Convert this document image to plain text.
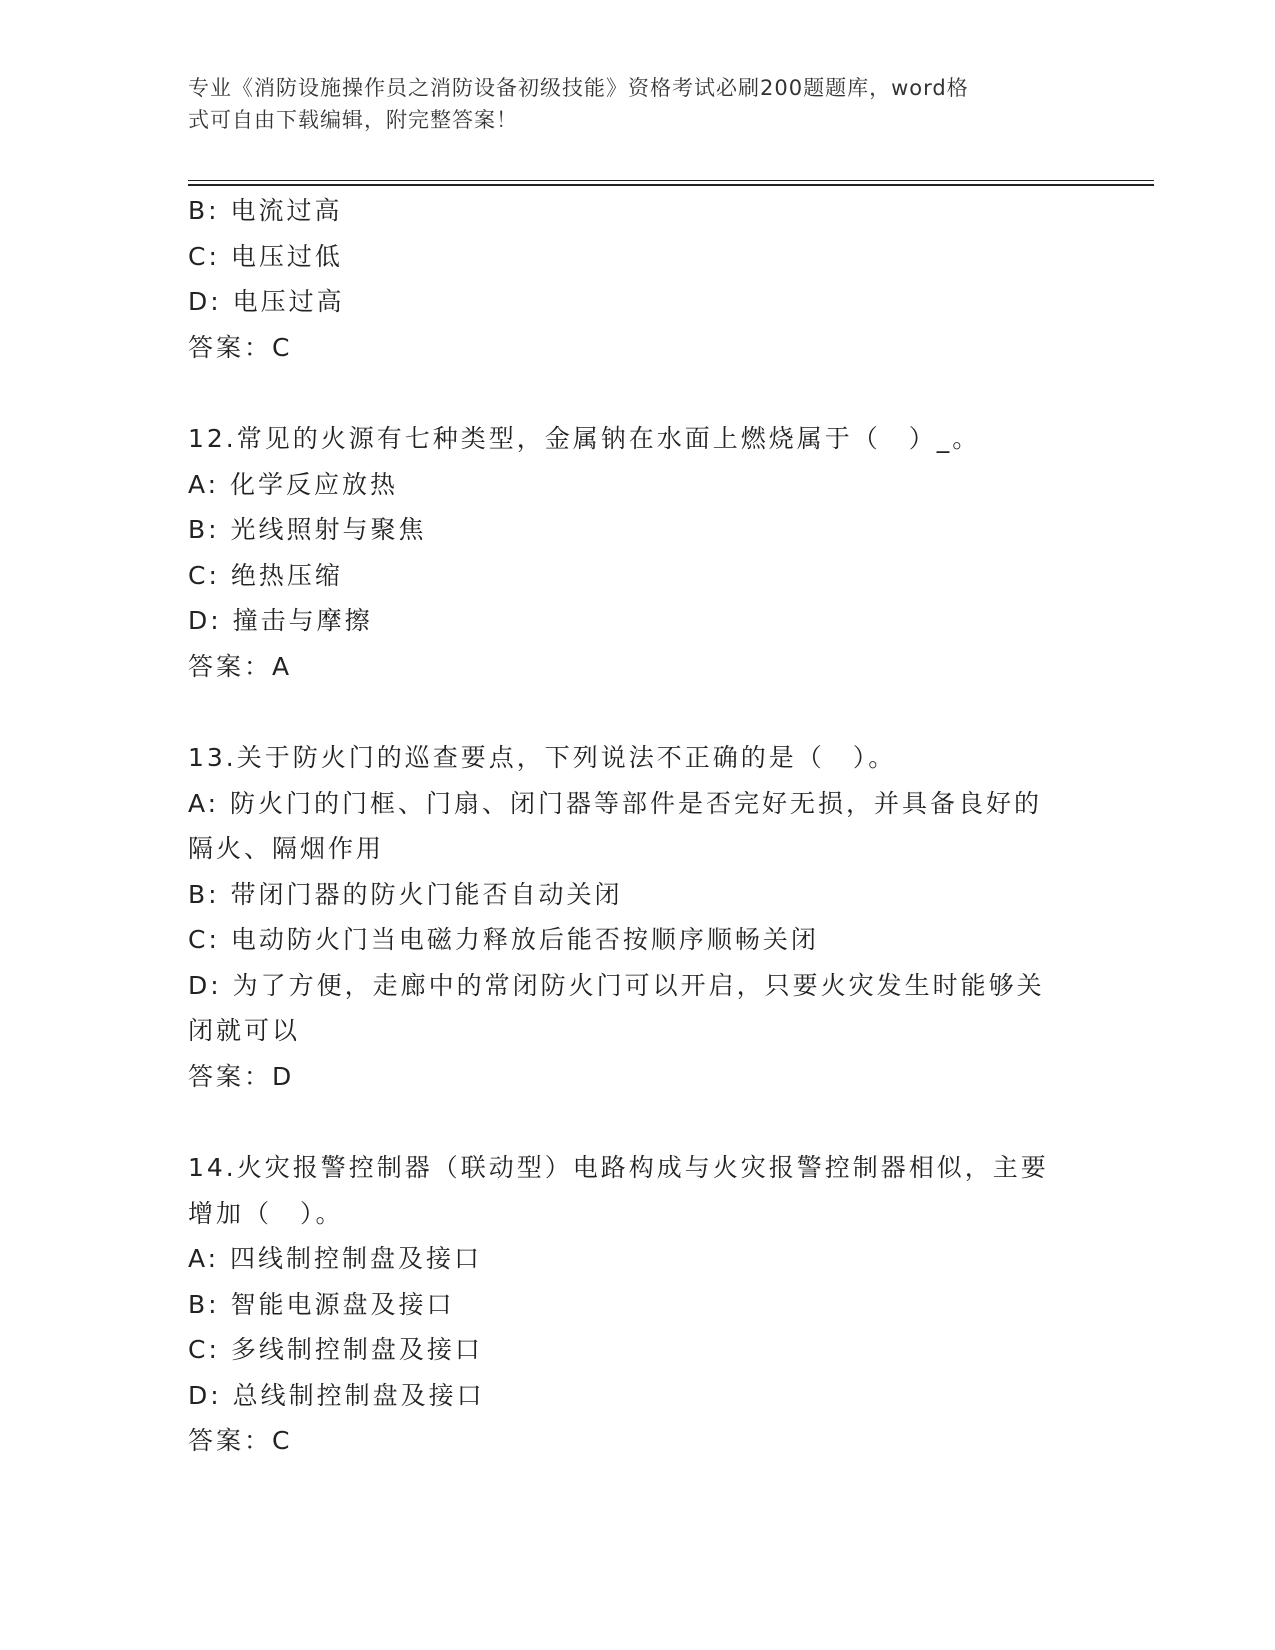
专业《消防设施操作员之消防设备初级技能》资格考试必刷200题题库，word格
式可自由下载编辑，附完整答案！

B: 电流过高

C: 电压过低

D: 电压过高

答案：C

12.常见的火源有七种类型，金属钠在水面上燃烧属于（　）_。

A: 化学反应放热

B: 光线照射与聚焦

C: 绝热压缩

D: 撞击与摩擦

答案：A

13.关于防火门的巡查要点，下列说法不正确的是（　）。

A: 防火门的门框、门扇、闭门器等部件是否完好无损，并具备良好的

隔火、隔烟作用

B: 带闭门器的防火门能否自动关闭

C: 电动防火门当电磁力释放后能否按顺序顺畅关闭

D: 为了方便，走廊中的常闭防火门可以开启，只要火灾发生时能够关

闭就可以

答案：D

14.火灾报警控制器（联动型）电路构成与火灾报警控制器相似，主要

增加（　）。

A: 四线制控制盘及接口

B: 智能电源盘及接口

C: 多线制控制盘及接口

D: 总线制控制盘及接口

答案：C
